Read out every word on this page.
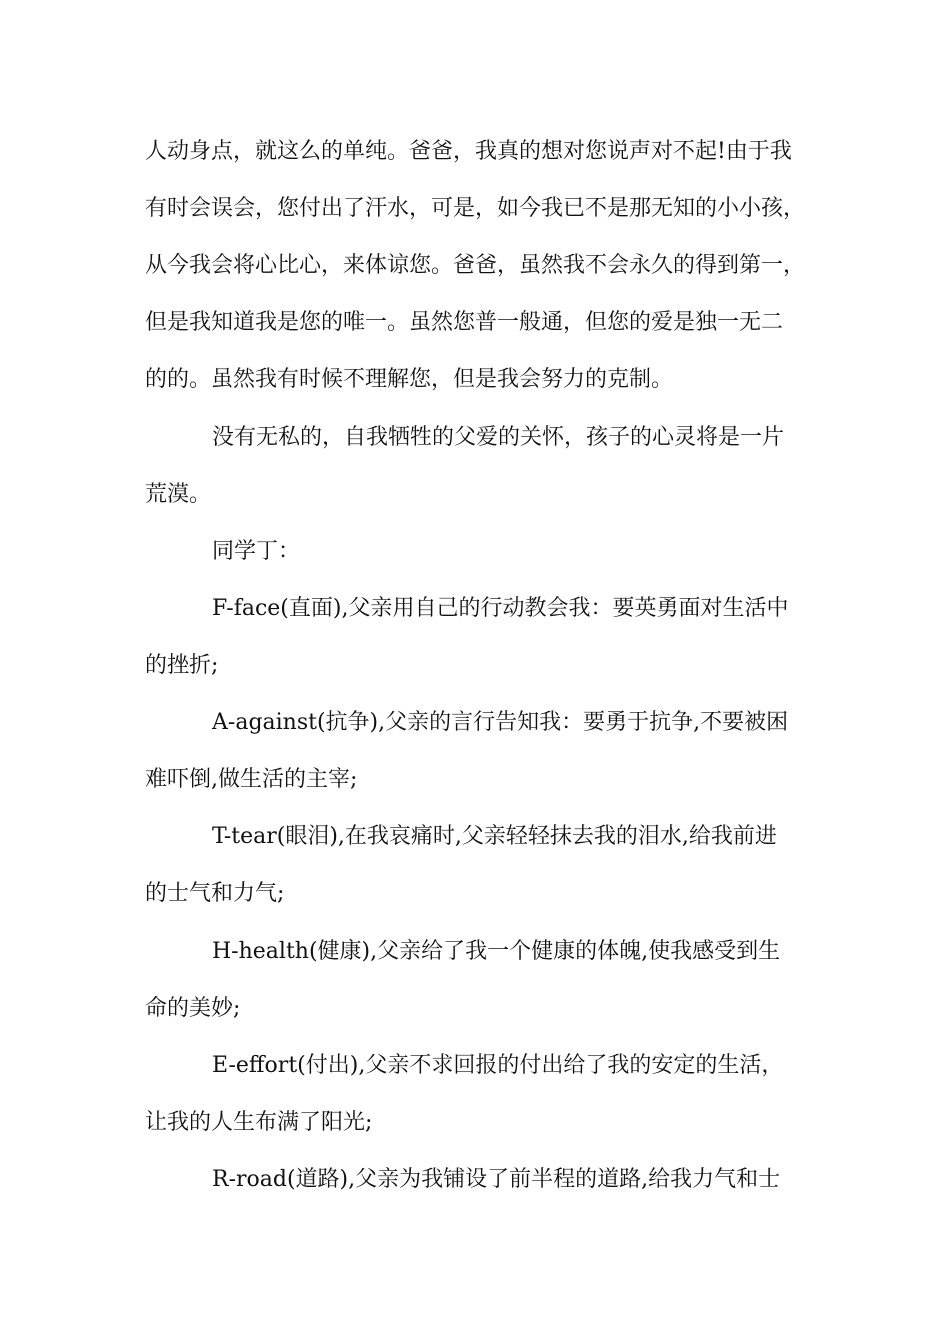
人动身点，就这么的单纯。爸爸，我真的想对您说声对不起!由于我
有时会误会，您付出了汗水，可是，如今我已不是那无知的小小孩，
从今我会将心比心，来体谅您。爸爸，虽然我不会永久的得到第一，
但是我知道我是您的唯一。虽然您普一般通，但您的爱是独一无二
的的。虽然我有时候不理解您，但是我会努力的克制。
没有无私的，自我牺牲的父爱的关怀，孩子的心灵将是一片
荒漠。
同学丁：
F-face(直面),父亲用自己的行动教会我：要英勇面对生活中
的挫折;
A-against(抗争),父亲的言行告知我：要勇于抗争,不要被困
难吓倒,做生活的主宰;
T-tear(眼泪),在我哀痛时,父亲轻轻抹去我的泪水,给我前进
的士气和力气;
H-health(健康),父亲给了我一个健康的体魄,使我感受到生
命的美妙;
E-effort(付出),父亲不求回报的付出给了我的安定的生活，
让我的人生布满了阳光;
R-road(道路),父亲为我铺设了前半程的道路,给我力气和士
